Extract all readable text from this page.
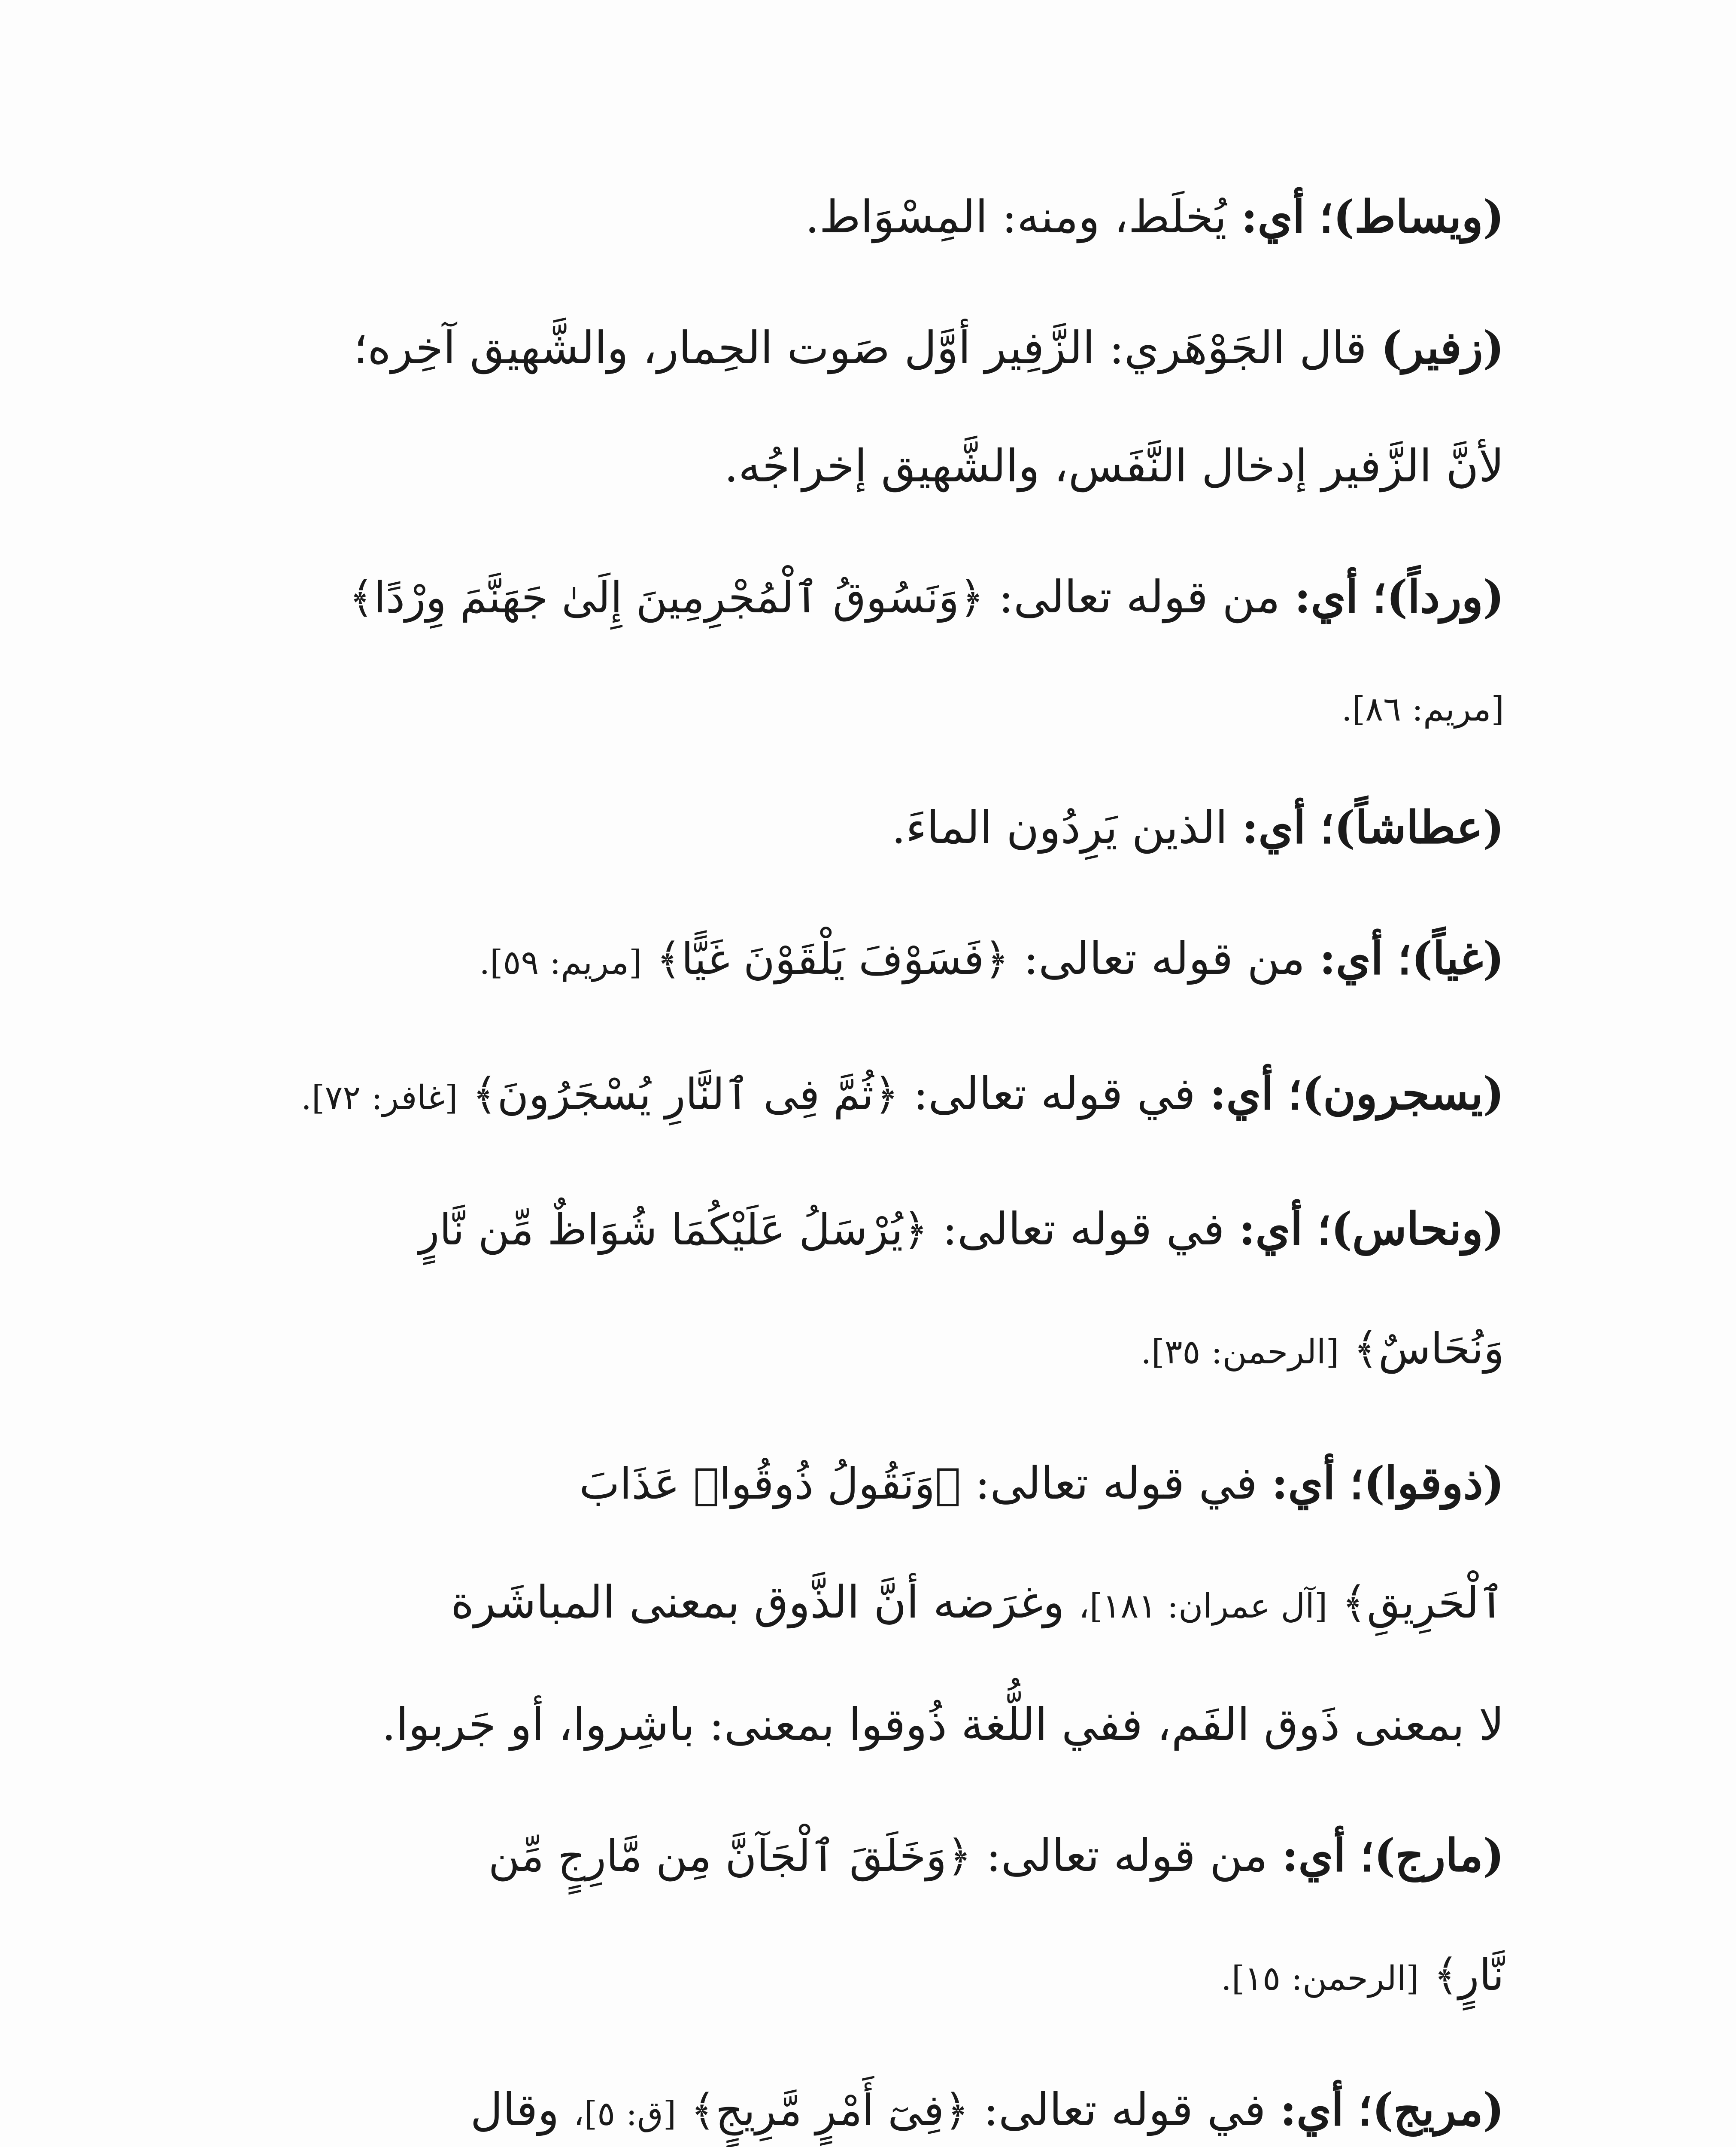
(ويساط)؛ أي: يُخلَط، ومنه: المِسْوَاط.
(زفير) قال الجَوْهَري: الزَّفِير أوَّل صَوت الحِمار، والشَّهيق آخِره؛
لأنَّ الزَّفير إدخال النَّفَس، والشَّهيق إخراجُه.
(ورداً)؛ أي: من قوله تعالى: ﴿وَنَسُوقُ ٱلْمُجْرِمِينَ إِلَىٰ جَهَنَّمَ وِرْدًا﴾
[مريم: ٨٦].
(عطاشاً)؛ أي: الذين يَرِدُون الماءَ.
(غياً)؛ أي: من قوله تعالى: ﴿فَسَوْفَ يَلْقَوْنَ غَيًّا﴾ [مريم: ٥٩].
(يسجرون)؛ أي: في قوله تعالى: ﴿ثُمَّ فِى ٱلنَّارِ يُسْجَرُونَ﴾ [غافر: ٧٢].
(ونحاس)؛ أي: في قوله تعالى: ﴿يُرْسَلُ عَلَيْكُمَا شُوَاظٌ مِّن نَّارٍ
وَنُحَاسٌ﴾ [الرحمن: ٣٥].
(ذوقوا)؛ أي: في قوله تعالى: ﴿وَنَقُولُ ذُوقُوا۟ عَذَابَ
ٱلْحَرِيقِ﴾ [آل عمران: ١٨١]، وغرَضه أنَّ الذَّوق بمعنى المباشَرة
لا بمعنى ذَوق الفَم، ففي اللُّغة ذُوقوا بمعنى: باشِروا، أو جَربوا.
(مارج)؛ أي: من قوله تعالى: ﴿وَخَلَقَ ٱلْجَآنَّ مِن مَّارِجٍ مِّن
نَّارٍ﴾ [الرحمن: ١٥].
(مريج)؛ أي: في قوله تعالى: ﴿فِىٓ أَمْرٍ مَّرِيجٍ﴾ [ق: ٥]، وقال
